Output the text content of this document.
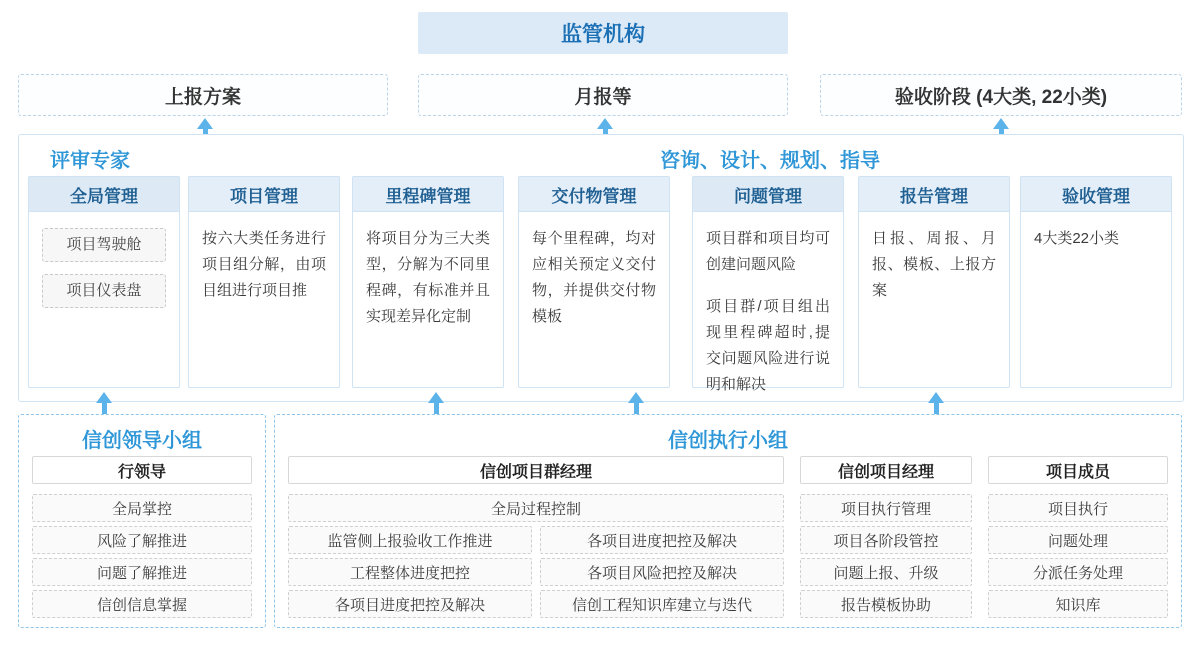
监管机构
上报方案	月报等	验收阶段 (4大类, 22小类)
评审专家	咨询、设计、规划、指导
全局管理
项目驾驶舱
项目仪表盘
项目管理

按六大类任务进行项目组分解，由项目组进行项目推

里程碑管理

将项目分为三大类型，分解为不同里程碑，有标准并且实现差异化定制

交付物管理

每个里程碑，均对应相关预定义交付物，并提供交付物模板

问题管理

项目群和项目均可创建问题风险

项目群/项目组出现里程碑超时,提交问题风险进行说明和解决

报告管理

日报、周报、月报、模板、上报方案

验收管理

4大类22小类

信创领导小组
行领导
全局掌控
风险了解推进
问题了解推进
信创信息掌握
信创执行小组
信创项目群经理
全局过程控制
监管侧上报验收工作推进	各项目进度把控及解决
工程整体进度把控	各项目风险把控及解决
各项目进度把控及解决	信创工程知识库建立与迭代
信创项目经理
项目执行管理
项目各阶段管控
问题上报、升级
报告模板协助
项目成员
项目执行
问题处理
分派任务处理
知识库
